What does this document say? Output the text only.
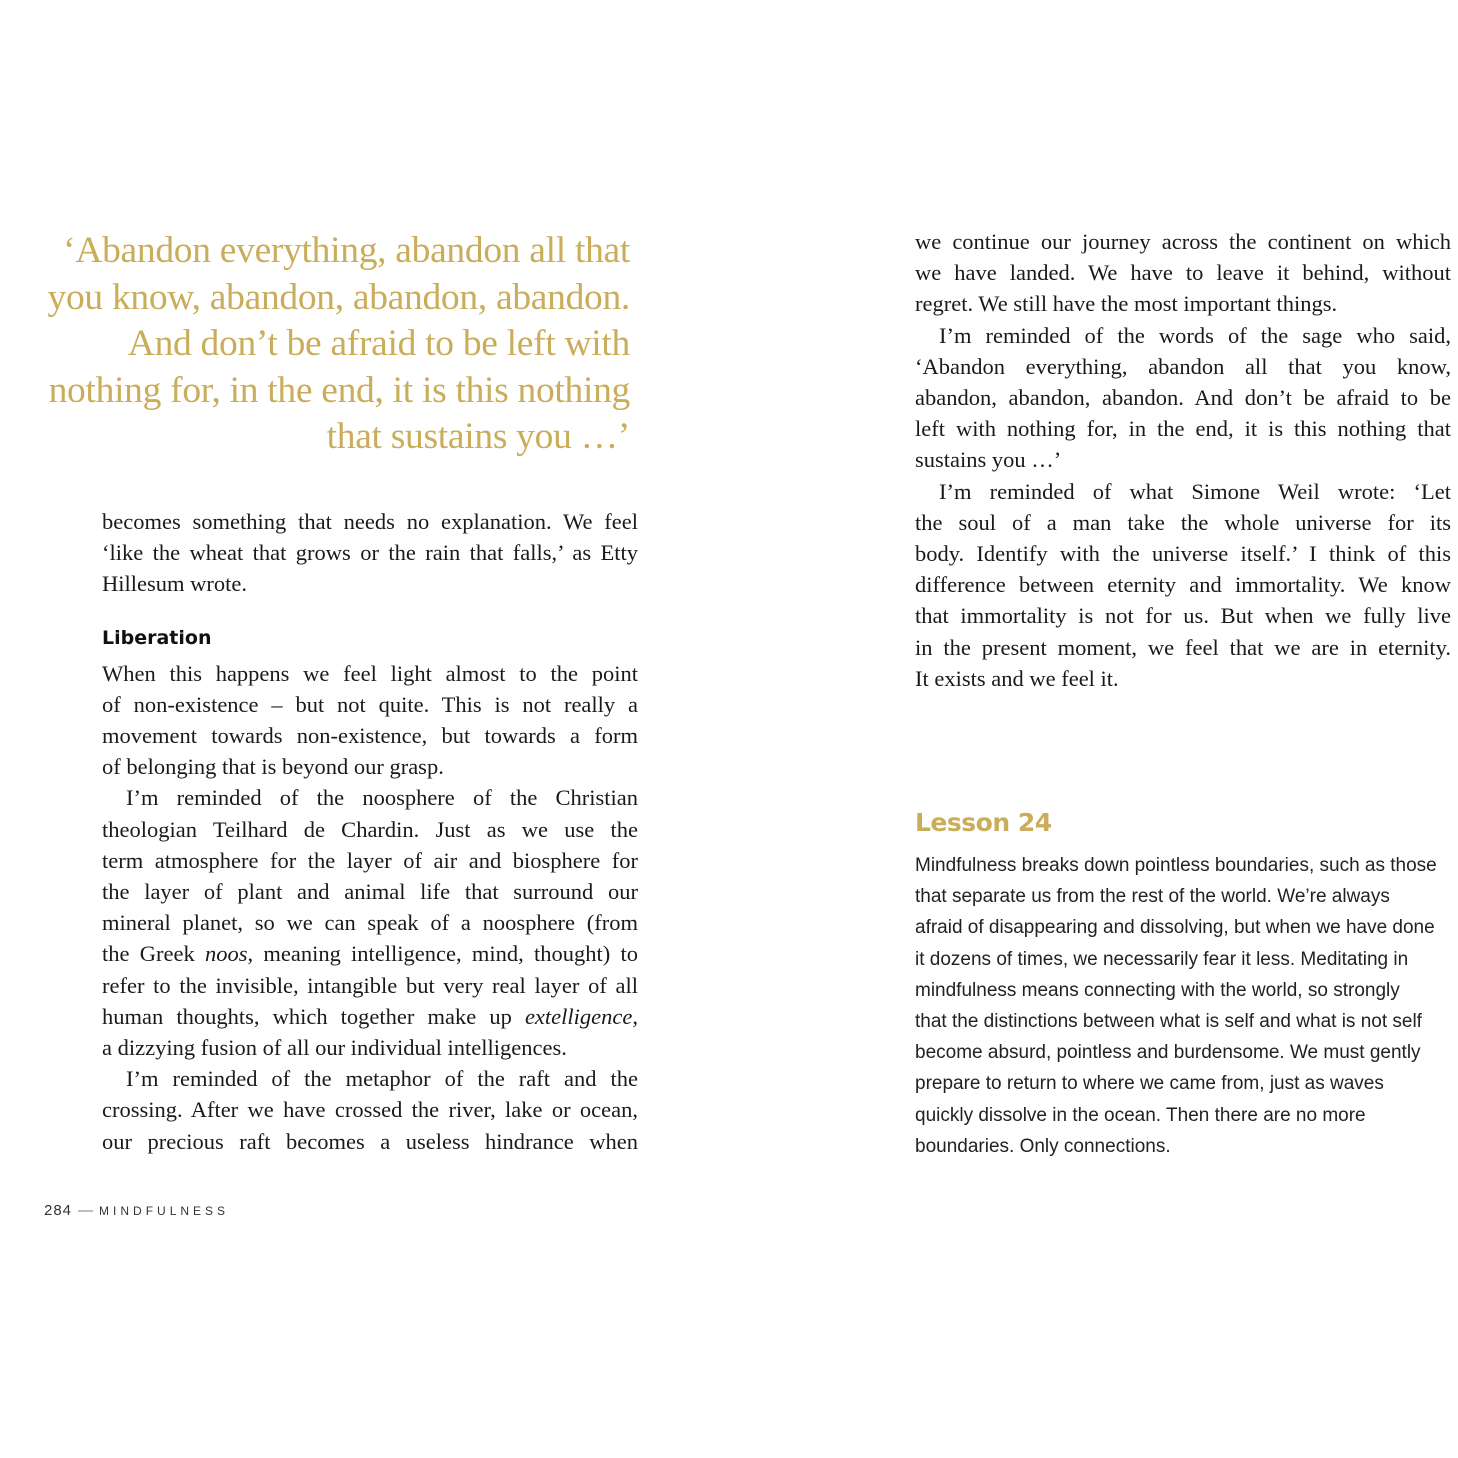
‘Abandon everything, abandon all that
you know, abandon, abandon, abandon.
And don’t be afraid to be left with
nothing for, in the end, it is this nothing
that sustains you …’

becomes something that needs no explanation. We feel
‘like the wheat that grows or the rain that falls,’ as Etty
Hillesum wrote.

Liberation

When this happens we feel light almost to the point
of non-existence – but not quite. This is not really a
movement towards non-existence, but towards a form
of belonging that is beyond our grasp.

I’m reminded of the noosphere of the Christian
theologian Teilhard de Chardin. Just as we use the
term atmosphere for the layer of air and biosphere for
the layer of plant and animal life that surround our
mineral planet, so we can speak of a noosphere (from
the Greek noos, meaning intelligence, mind, thought) to
refer to the invisible, intangible but very real layer of all
human thoughts, which together make up extelligence,
a dizzying fusion of all our individual intelligences.

I’m reminded of the metaphor of the raft and the
crossing. After we have crossed the river, lake or ocean,
our precious raft becomes a useless hindrance when

284 — MINDFULNESS

we continue our journey across the continent on which
we have landed. We have to leave it behind, without
regret. We still have the most important things.

I’m reminded of the words of the sage who said,
‘Abandon everything, abandon all that you know,
abandon, abandon, abandon. And don’t be afraid to be
left with nothing for, in the end, it is this nothing that
sustains you …’

I’m reminded of what Simone Weil wrote: ‘Let
the soul of a man take the whole universe for its
body. Identify with the universe itself.’ I think of this
difference between eternity and immortality. We know
that immortality is not for us. But when we fully live
in the present moment, we feel that we are in eternity.
It exists and we feel it.

Lesson 24

Mindfulness breaks down pointless boundaries, such as those
that separate us from the rest of the world. We’re always
afraid of disappearing and dissolving, but when we have done
it dozens of times, we necessarily fear it less. Meditating in
mindfulness means connecting with the world, so strongly
that the distinctions between what is self and what is not self
become absurd, pointless and burdensome. We must gently
prepare to return to where we came from, just as waves
quickly dissolve in the ocean. Then there are no more
boundaries. Only connections.
